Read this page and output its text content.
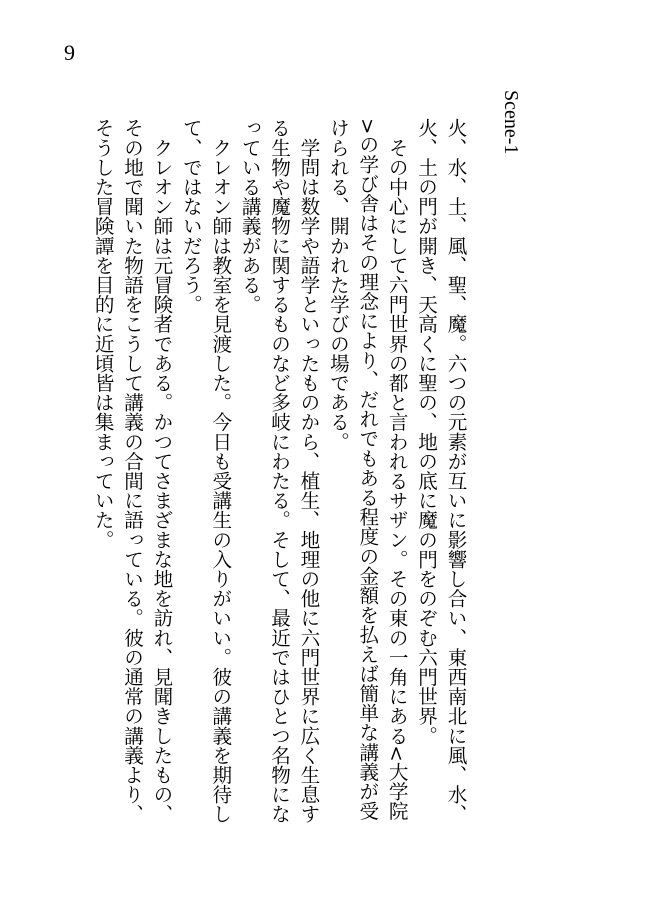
9
Scene-1

火、水、土、風、聖、魔。六つの元素が互いに影響し合い、東西南北に風、水、火、土の門が開き、天高くに聖の、地の底に魔の門をのぞむ六門世界。

　その中心にして六門世界の都と言われるサザン。その東の一角にある<大学院>の学び舎はその理念により、だれでもある程度の金額を払えば簡単な講義が受けられる、開かれた学びの場である。

　学問は数学や語学といったものから、植生、地理の他に六門世界に広く生息する生物や魔物に関するものなど多岐にわたる。そして、最近ではひとつ名物になっている講義がある。

　クレオン師は教室を見渡した。今日も受講生の入りがいい。彼の講義を期待して、ではないだろう。

　クレオン師は元冒険者である。かつてさまざまな地を訪れ、見聞きしたもの、その地で聞いた物語をこうして講義の合間に語っている。彼の通常の講義より、そうした冒険譚を目的に近頃皆は集まっていた。
